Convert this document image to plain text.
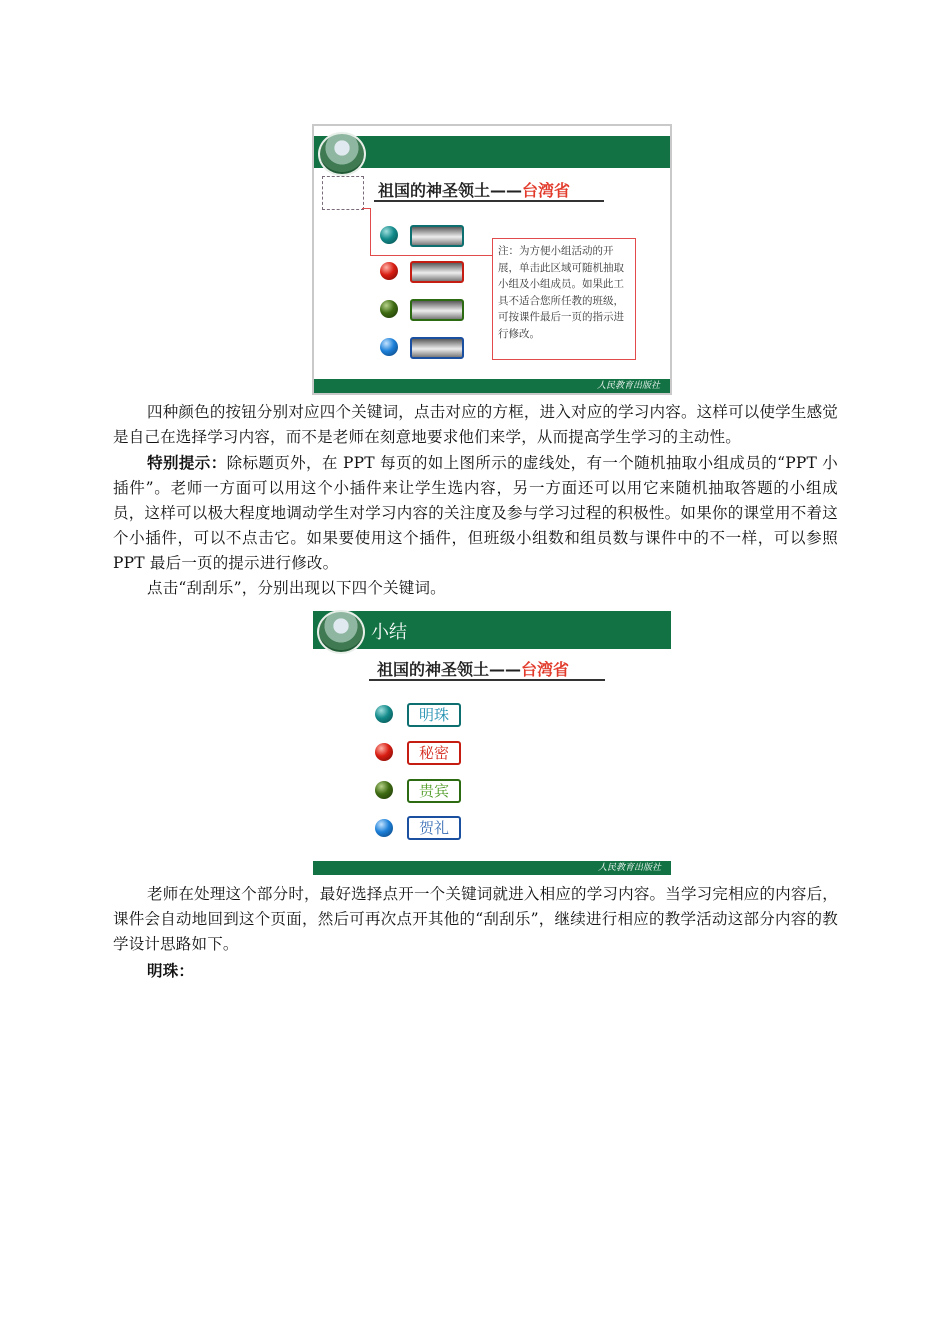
祖国的神圣领土——台湾省
注：为方便小组活动的开展，单击此区域可随机抽取小组及小组成员。如果此工具不适合您所任教的班级，可按课件最后一页的指示进行修改。
人民教育出版社

四种颜色的按钮分别对应四个关键词，点击对应的方框，进入对应的学习内容。这样可以使学生感觉是自己在选择学习内容，而不是老师在刻意地要求他们来学，从而提高学生学习的主动性。

特别提示：除标题页外，在 PPT 每页的如上图所示的虚线处，有一个随机抽取小组成员的“PPT 小插件”。老师一方面可以用这个小插件来让学生选内容，另一方面还可以用它来随机抽取答题的小组成员，这样可以极大程度地调动学生对学习内容的关注度及参与学习过程的积极性。如果你的课堂用不着这个小插件，可以不点击它。如果要使用这个插件，但班级小组数和组员数与课件中的不一样，可以参照 PPT 最后一页的提示进行修改。

点击“刮刮乐”，分别出现以下四个关键词。

小结
祖国的神圣领土——台湾省
明珠
秘密
贵宾
贺礼
人民教育出版社

老师在处理这个部分时，最好选择点开一个关键词就进入相应的学习内容。当学习完相应的内容后，课件会自动地回到这个页面，然后可再次点开其他的“刮刮乐”，继续进行相应的教学活动这部分内容的教学设计思路如下。

明珠：
